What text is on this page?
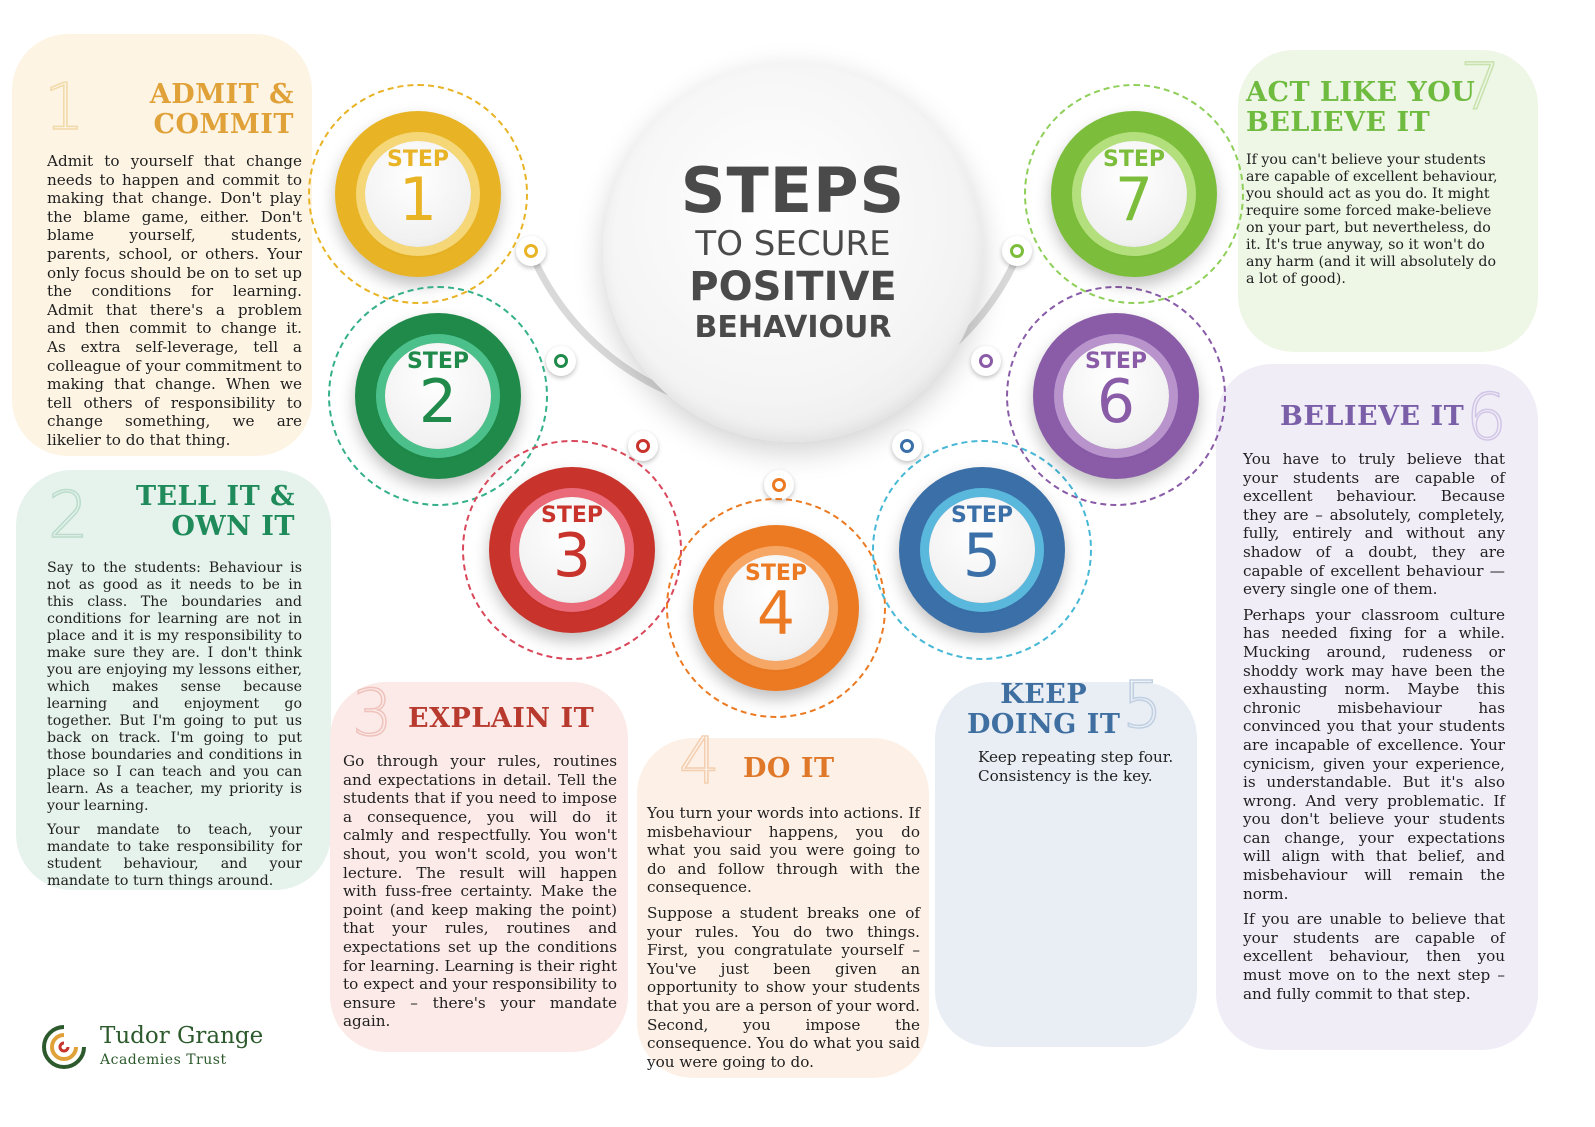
1 ADMIT &
COMMIT

Admit to yourself that change needs to happen and commit to making that change. Don't play the blame game, either. Don't blame yourself, students, parents, school, or others. Your only focus should be on to set up the conditions for learning. Admit that there's a problem and then commit to change it. As extra self-leverage, tell a colleague of your commitment to making that change. When we tell others of responsibility to change something, we are likelier to do that thing.

2 TELL IT &
OWN IT

Say to the students: Behaviour is not as good as it needs to be in this class. The boundaries and conditions for learning are not in place and it is my responsibility to make sure they are. I don't think you are enjoying my lessons either, which makes sense because learning and enjoyment go together. But I'm going to put us back on track. I'm going to put those boundaries and conditions in place so I can teach and you can learn. As a teacher, my priority is your learning.

Your mandate to teach, your mandate to take responsibility for student behaviour, and your mandate to turn things around.

3 EXPLAIN IT

Go through your rules, routines and expectations in detail. Tell the students that if you need to impose a consequence, you will do it calmly and respectfully. You won't shout, you won't scold, you won't lecture. The result will happen with fuss-free certainty. Make the point (and keep making the point) that your rules, routines and expectations set up the conditions for learning. Learning is their right to expect and your responsibility to ensure – there's your mandate again.

4 DO IT

You turn your words into actions. If misbehaviour happens, you do what you said you were going to do and follow through with the consequence.

Suppose a student breaks one of your rules. You do two things. First, you congratulate yourself – You've just been given an opportunity to show your students that you are a person of your word. Second, you impose the consequence. You do what you said you were going to do.

5
KEEP
DOING IT

Keep repeating step four. Consistency is the key.

6
BELIEVE IT

You have to truly believe that your students are capable of excellent behaviour. Because they are – absolutely, completely, fully, entirely and without any shadow of a doubt, they are capable of excellent behaviour — every single one of them.

Perhaps your classroom culture has needed fixing for a while. Mucking around, rudeness or shoddy work may have been the exhausting norm. Maybe this chronic misbehaviour has convinced you that your students are incapable of excellence. Your cynicism, given your experience, is understandable. But it's also wrong. And very problematic. If you don't believe your students can change, your expectations will align with that belief, and misbehaviour will remain the norm.

If you are unable to believe that your students are capable of excellent behaviour, then you must move on to the next step – and fully commit to that step.

7
ACT LIKE YOU
BELIEVE IT

If you can't believe your students are capable of excellent behaviour, you should act as you do. It might require some forced make-believe on your part, but nevertheless, do it. It's true anyway, so it won't do any harm (and it will absolutely do a lot of good).

STEPS
TO SECURE
POSITIVE
BEHAVIOUR
STEP
1
STEP
2
STEP
3	STEP
4
STEP
5
STEP
6
STEP
7
Tudor Grange
Academies Trust
